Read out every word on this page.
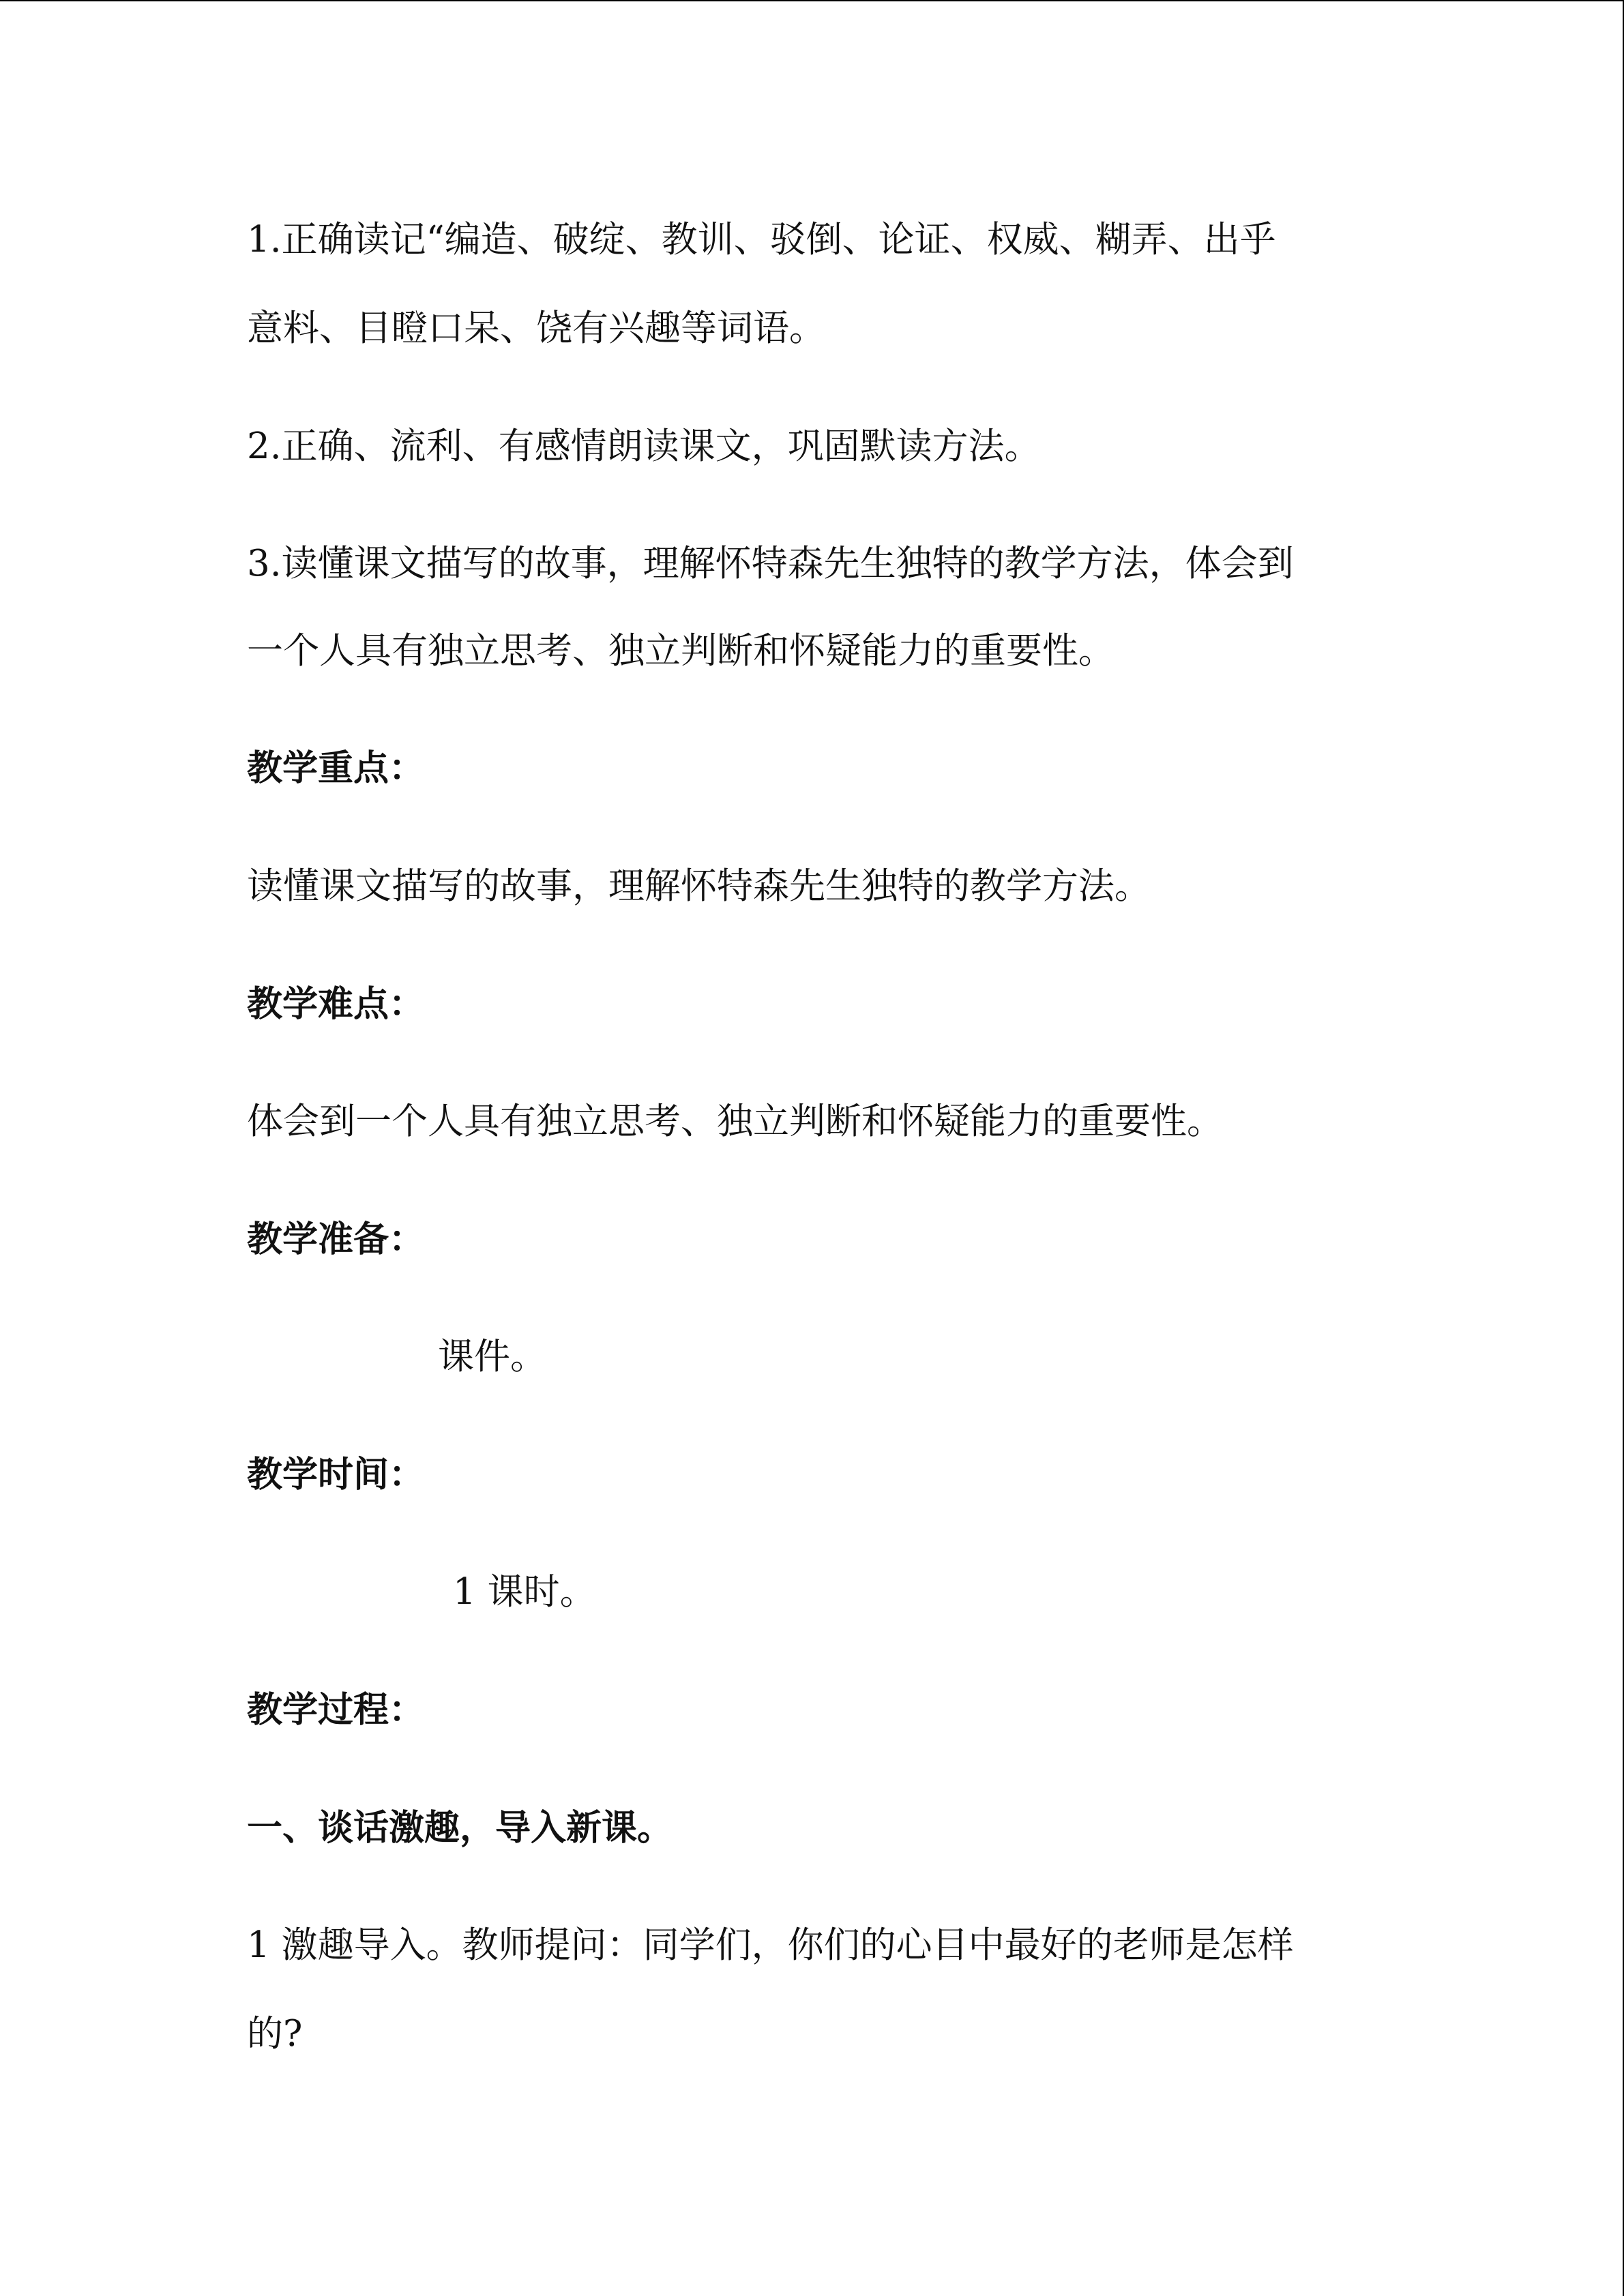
1.正确读记“编造、破绽、教训、驳倒、论证、权威、糊弄、出乎
意料、目瞪口呆、饶有兴趣等词语。
2.正确、流利、有感情朗读课文，巩固默读方法。
3.读懂课文描写的故事，理解怀特森先生独特的教学方法，体会到
一个人具有独立思考、独立判断和怀疑能力的重要性。
教学重点：
读懂课文描写的故事，理解怀特森先生独特的教学方法。
教学难点：
体会到一个人具有独立思考、独立判断和怀疑能力的重要性。
教学准备：
课件。
教学时间：
1 课时。
教学过程：
一、谈话激趣，导入新课。
1 激趣导入。教师提问：同学们，你们的心目中最好的老师是怎样
的?
